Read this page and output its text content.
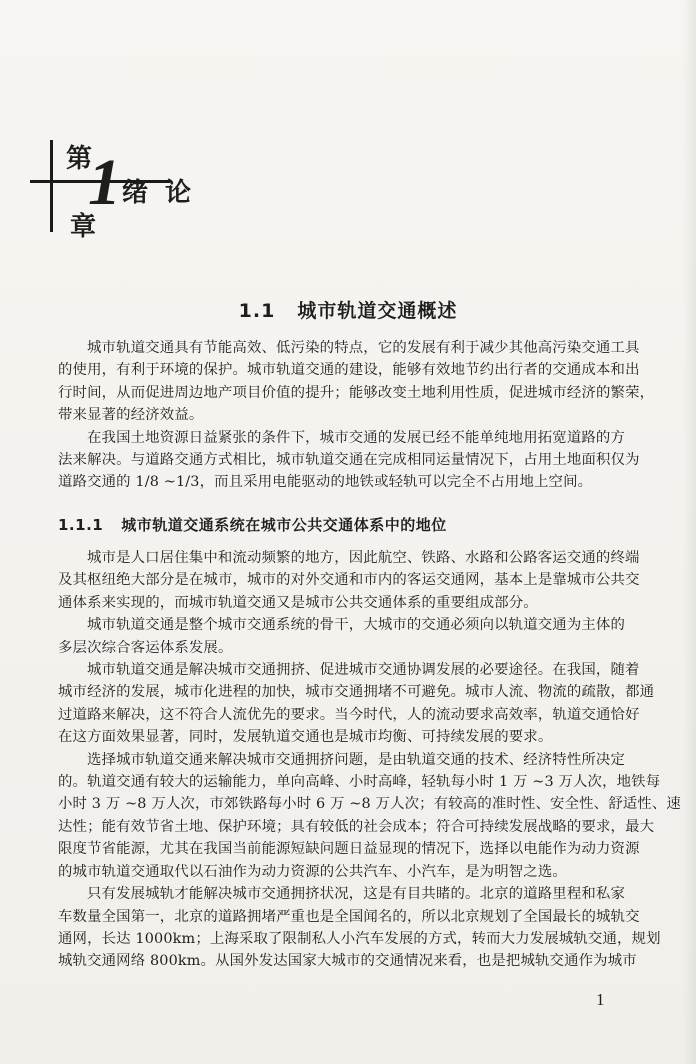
第
1 绪 论
章
1.1 城市轨道交通概述

城市轨道交通具有节能高效、低污染的特点，它的发展有利于减少其他高污染交通工具
的使用，有利于环境的保护。城市轨道交通的建设，能够有效地节约出行者的交通成本和出
行时间，从而促进周边地产项目价值的提升；能够改变土地利用性质，促进城市经济的繁荣，
带来显著的经济效益。

在我国土地资源日益紧张的条件下，城市交通的发展已经不能单纯地用拓宽道路的方
法来解决。与道路交通方式相比，城市轨道交通在完成相同运量情况下，占用土地面积仅为
道路交通的 1/8 ~1/3，而且采用电能驱动的地铁或轻轨可以完全不占用地上空间。

1.1.1 城市轨道交通系统在城市公共交通体系中的地位

城市是人口居住集中和流动频繁的地方，因此航空、铁路、水路和公路客运交通的终端
及其枢纽绝大部分是在城市，城市的对外交通和市内的客运交通网，基本上是靠城市公共交
通体系来实现的，而城市轨道交通又是城市公共交通体系的重要组成部分。

城市轨道交通是整个城市交通系统的骨干，大城市的交通必须向以轨道交通为主体的
多层次综合客运体系发展。

城市轨道交通是解决城市交通拥挤、促进城市交通协调发展的必要途径。在我国，随着
城市经济的发展，城市化进程的加快，城市交通拥堵不可避免。城市人流、物流的疏散，都通
过道路来解决，这不符合人流优先的要求。当今时代，人的流动要求高效率，轨道交通恰好
在这方面效果显著，同时，发展轨道交通也是城市均衡、可持续发展的要求。

选择城市轨道交通来解决城市交通拥挤问题，是由轨道交通的技术、经济特性所决定
的。轨道交通有较大的运输能力，单向高峰、小时高峰，轻轨每小时 1 万 ~3 万人次，地铁每
小时 3 万 ~8 万人次，市郊铁路每小时 6 万 ~8 万人次；有较高的准时性、安全性、舒适性、速
达性；能有效节省土地、保护环境；具有较低的社会成本；符合可持续发展战略的要求，最大
限度节省能源，尤其在我国当前能源短缺问题日益显现的情况下，选择以电能作为动力资源
的城市轨道交通取代以石油作为动力资源的公共汽车、小汽车，是为明智之选。

只有发展城轨才能解决城市交通拥挤状况，这是有目共睹的。北京的道路里程和私家
车数量全国第一，北京的道路拥堵严重也是全国闻名的，所以北京规划了全国最长的城轨交
通网，长达 1000km；上海采取了限制私人小汽车发展的方式，转而大力发展城轨交通，规划
城轨交通网络 800km。从国外发达国家大城市的交通情况来看，也是把城轨交通作为城市

1
